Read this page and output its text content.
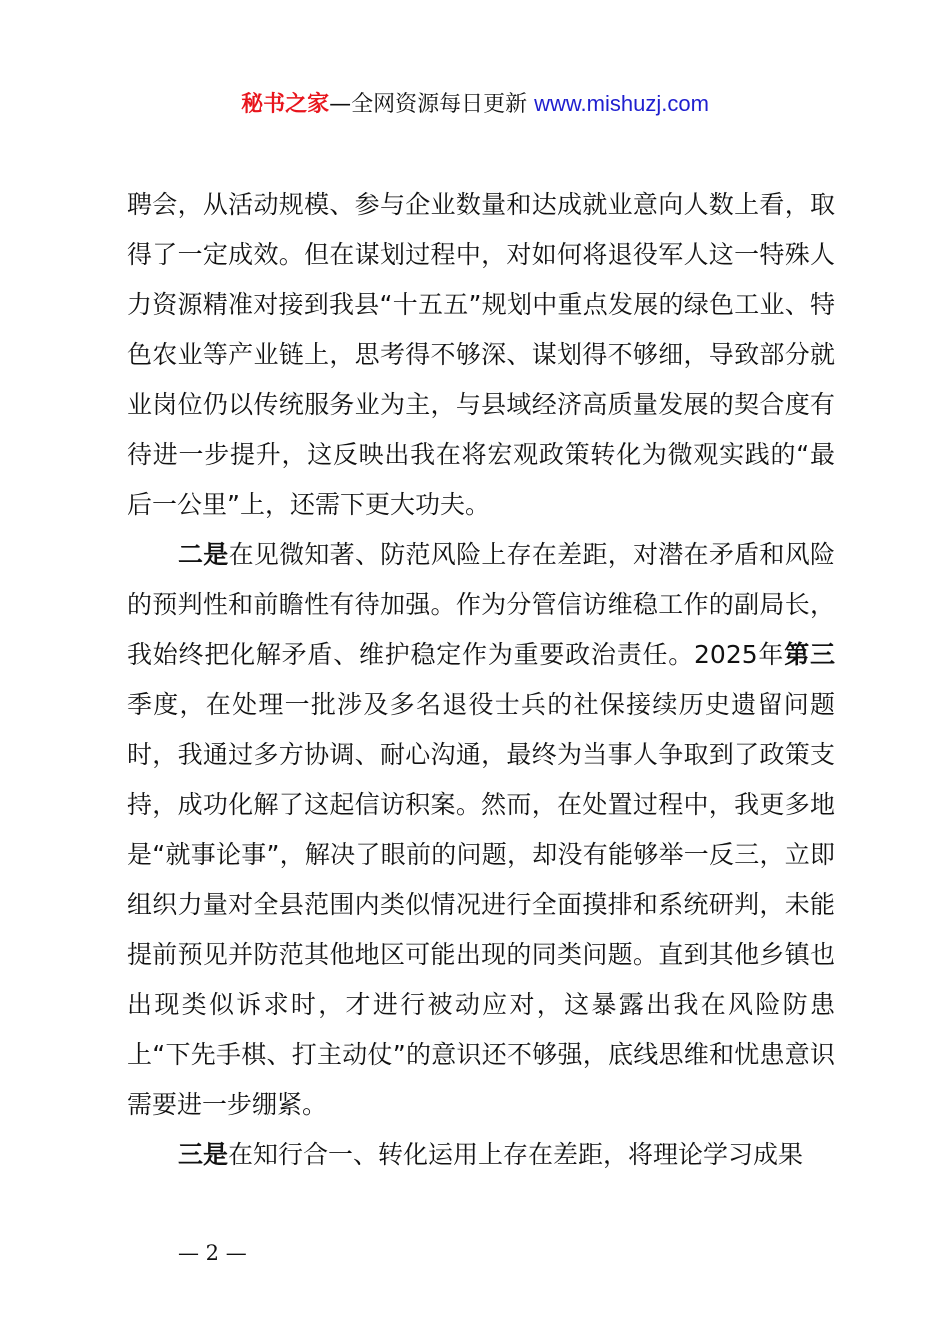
秘书之家—全网资源每日更新 www.mishuzj.com

聘会，从活动规模、参与企业数量和达成就业意向人数上看，取得了一定成效。但在谋划过程中，对如何将退役军人这一特殊人力资源精准对接到我县“十五五”规划中重点发展的绿色工业、特色农业等产业链上，思考得不够深、谋划得不够细，导致部分就业岗位仍以传统服务业为主，与县域经济高质量发展的契合度有待进一步提升，这反映出我在将宏观政策转化为微观实践的“最后一公里”上，还需下更大功夫。

二是在见微知著、防范风险上存在差距，对潜在矛盾和风险的预判性和前瞻性有待加强。作为分管信访维稳工作的副局长，我始终把化解矛盾、维护稳定作为重要政治责任。2025年第三季度，在处理一批涉及多名退役士兵的社保接续历史遗留问题时，我通过多方协调、耐心沟通，最终为当事人争取到了政策支持，成功化解了这起信访积案。然而，在处置过程中，我更多地是“就事论事”，解决了眼前的问题，却没有能够举一反三，立即组织力量对全县范围内类似情况进行全面摸排和系统研判，未能提前预见并防范其他地区可能出现的同类问题。直到其他乡镇也出现类似诉求时，才进行被动应对，这暴露出我在风险防患上“下先手棋、打主动仗”的意识还不够强，底线思维和忧患意识需要进一步绷紧。

三是在知行合一、转化运用上存在差距，将理论学习成果

— 2 —
